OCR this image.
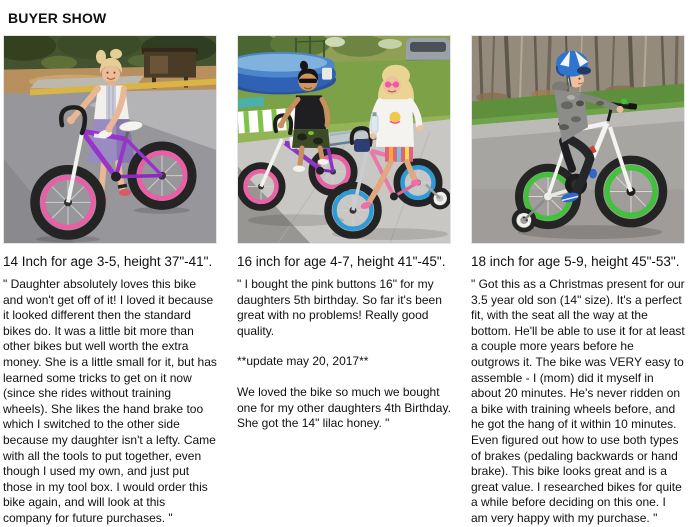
BUYER SHOW
14 Inch for age 3-5, height 37"-41".

" Daughter absolutely loves this bike and won't get off of it! I loved it because it looked different then the standard bikes do. It was a little bit more than other bikes but well worth the extra money. She is a little small for it, but has learned some tricks to get on it now (since she rides without training wheels). She likes the hand brake too which I switched to the other side because my daughter isn't a lefty. Came with all the tools to put together, even though I used my own, and just put those in my tool box. I would order this bike again, and will look at this company for future purchases. "

16 inch for age 4-7, height 41"-45".

" I bought the pink buttons 16" for my daughters 5th birthday. So far it's been great with no problems! Really good quality.

**update may 20, 2017**

We loved the bike so much we bought one for my other daughters 4th Birthday. She got the 14" lilac honey. "

18 inch for age 5-9, height 45"-53".

" Got this as a Christmas present for our 3.5 year old son (14" size). It's a perfect fit, with the seat all the way at the bottom. He'll be able to use it for at least a couple more years before he outgrows it. The bike was VERY easy to assemble - I (mom) did it myself in about 20 minutes. He's never ridden on a bike with training wheels before, and he got the hang of it within 10 minutes. Even figured out how to use both types of brakes (pedaling backwards or hand brake). This bike looks great and is a great value. I researched bikes for quite a while before deciding on this one. I am very happy with my purchase. "
